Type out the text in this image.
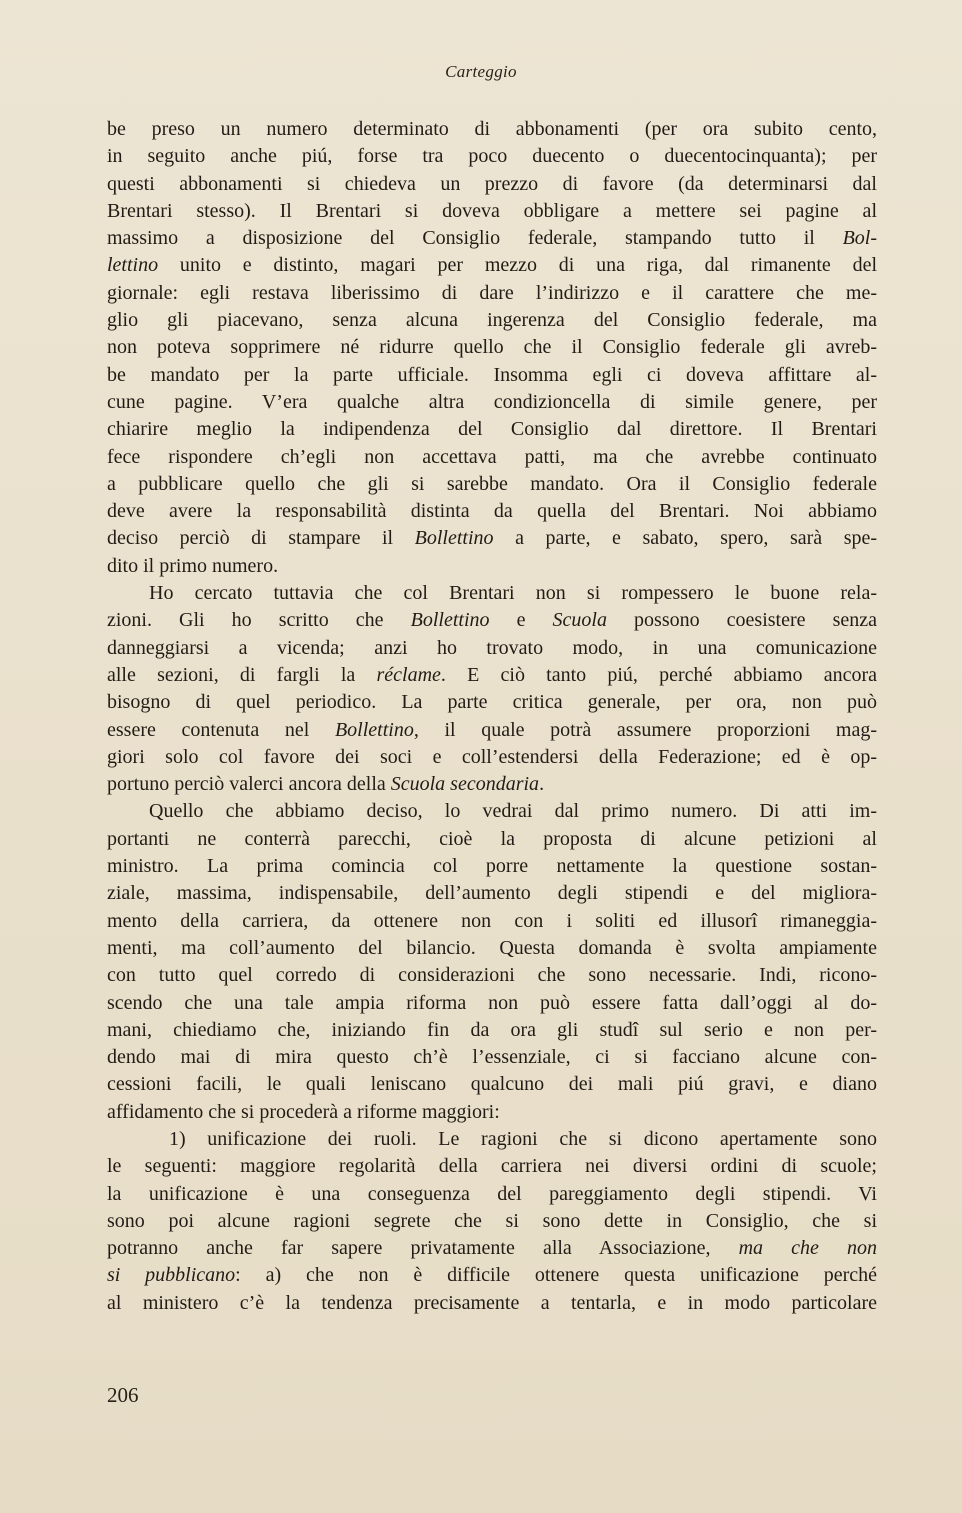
Carteggio
be preso un numero determinato di abbonamenti (per ora subito cento,
in seguito anche piú, forse tra poco duecento o duecentocinquanta); per
questi abbonamenti si chiedeva un prezzo di favore (da determinarsi dal
Brentari stesso). Il Brentari si doveva obbligare a mettere sei pagine al
massimo a disposizione del Consiglio federale, stampando tutto il Bol-
lettino unito e distinto, magari per mezzo di una riga, dal rimanente del
giornale: egli restava liberissimo di dare l’indirizzo e il carattere che me-
glio gli piacevano, senza alcuna ingerenza del Consiglio federale, ma
non poteva sopprimere né ridurre quello che il Consiglio federale gli avreb-
be mandato per la parte ufficiale. Insomma egli ci doveva affittare al-
cune pagine. V’era qualche altra condizioncella di simile genere, per
chiarire meglio la indipendenza del Consiglio dal direttore. Il Brentari
fece rispondere ch’egli non accettava patti, ma che avrebbe continuato
a pubblicare quello che gli si sarebbe mandato. Ora il Consiglio federale
deve avere la responsabilità distinta da quella del Brentari. Noi abbiamo
deciso perciò di stampare il Bollettino a parte, e sabato, spero, sarà spe-
dito il primo numero.
Ho cercato tuttavia che col Brentari non si rompessero le buone rela-
zioni. Gli ho scritto che Bollettino e Scuola possono coesistere senza
danneggiarsi a vicenda; anzi ho trovato modo, in una comunicazione
alle sezioni, di fargli la réclame. E ciò tanto piú, perché abbiamo ancora
bisogno di quel periodico. La parte critica generale, per ora, non può
essere contenuta nel Bollettino, il quale potrà assumere proporzioni mag-
giori solo col favore dei soci e coll’estendersi della Federazione; ed è op-
portuno perciò valerci ancora della Scuola secondaria.
Quello che abbiamo deciso, lo vedrai dal primo numero. Di atti im-
portanti ne conterrà parecchi, cioè la proposta di alcune petizioni al
ministro. La prima comincia col porre nettamente la questione sostan-
ziale, massima, indispensabile, dell’aumento degli stipendi e del migliora-
mento della carriera, da ottenere non con i soliti ed illusorî rimaneggia-
menti, ma coll’aumento del bilancio. Questa domanda è svolta ampiamente
con tutto quel corredo di considerazioni che sono necessarie. Indi, ricono-
scendo che una tale ampia riforma non può essere fatta dall’oggi al do-
mani, chiediamo che, iniziando fin da ora gli studî sul serio e non per-
dendo mai di mira questo ch’è l’essenziale, ci si facciano alcune con-
cessioni facili, le quali leniscano qualcuno dei mali piú gravi, e diano
affidamento che si procederà a riforme maggiori:
1) unificazione dei ruoli. Le ragioni che si dicono apertamente sono
le seguenti: maggiore regolarità della carriera nei diversi ordini di scuole;
la unificazione è una conseguenza del pareggiamento degli stipendi. Vi
sono poi alcune ragioni segrete che si sono dette in Consiglio, che si
potranno anche far sapere privatamente alla Associazione, ma che non
si pubblicano: a) che non è difficile ottenere questa unificazione perché
al ministero c’è la tendenza precisamente a tentarla, e in modo particolare
206
